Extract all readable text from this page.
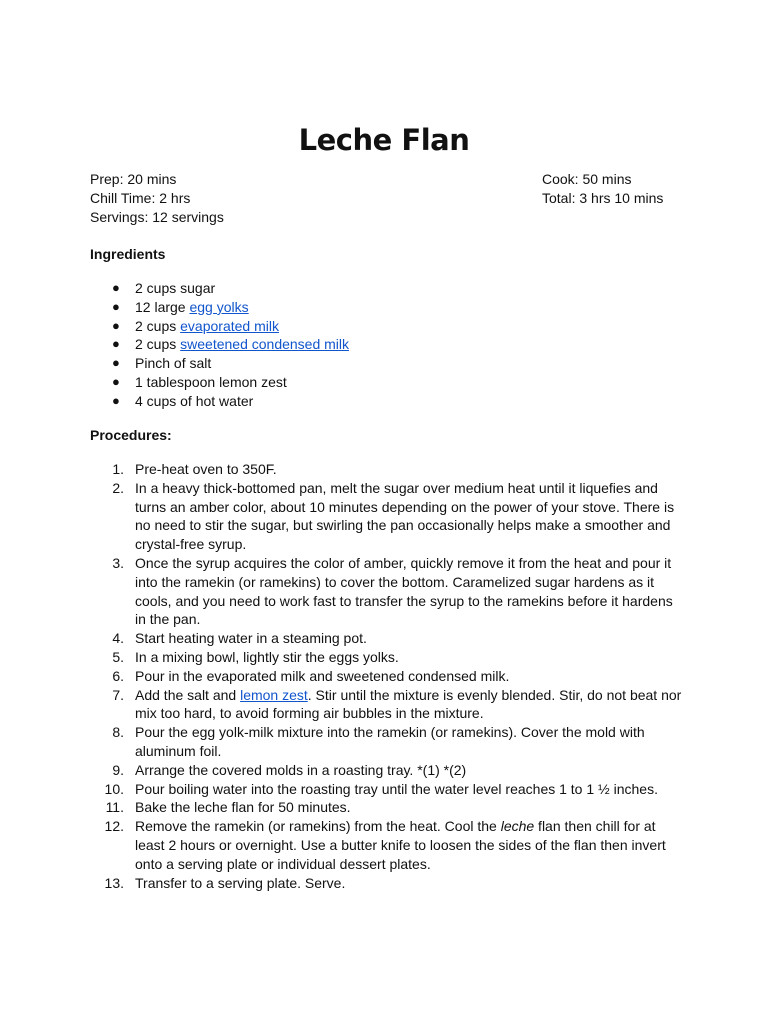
Leche Flan
Prep: 20 mins
Chill Time: 2 hrs
Servings: 12 servings
Cook: 50 mins
Total: 3 hrs 10 mins
Ingredients
● 2 cups sugar
● 12 large egg yolks
● 2 cups evaporated milk
● 2 cups sweetened condensed milk
● Pinch of salt
● 1 tablespoon lemon zest
● 4 cups of hot water
Procedures:
1. Pre-heat oven to 350F.
2. In a heavy thick-bottomed pan, melt the sugar over medium heat until it liquefies and turns an amber color, about 10 minutes depending on the power of your stove. There is no need to stir the sugar, but swirling the pan occasionally helps make a smoother and crystal-free syrup.
3. Once the syrup acquires the color of amber, quickly remove it from the heat and pour it into the ramekin (or ramekins) to cover the bottom. Caramelized sugar hardens as it cools, and you need to work fast to transfer the syrup to the ramekins before it hardens in the pan.
4. Start heating water in a steaming pot.
5. In a mixing bowl, lightly stir the eggs yolks.
6. Pour in the evaporated milk and sweetened condensed milk.
7. Add the salt and lemon zest. Stir until the mixture is evenly blended. Stir, do not beat nor mix too hard, to avoid forming air bubbles in the mixture.
8. Pour the egg yolk-milk mixture into the ramekin (or ramekins). Cover the mold with aluminum foil.
9. Arrange the covered molds in a roasting tray. *(1) *(2)
10. Pour boiling water into the roasting tray until the water level reaches 1 to 1 ½ inches.
11. Bake the leche flan for 50 minutes.
12. Remove the ramekin (or ramekins) from the heat. Cool the leche flan then chill for at least 2 hours or overnight. Use a butter knife to loosen the sides of the flan then invert onto a serving plate or individual dessert plates.
13. Transfer to a serving plate. Serve.
